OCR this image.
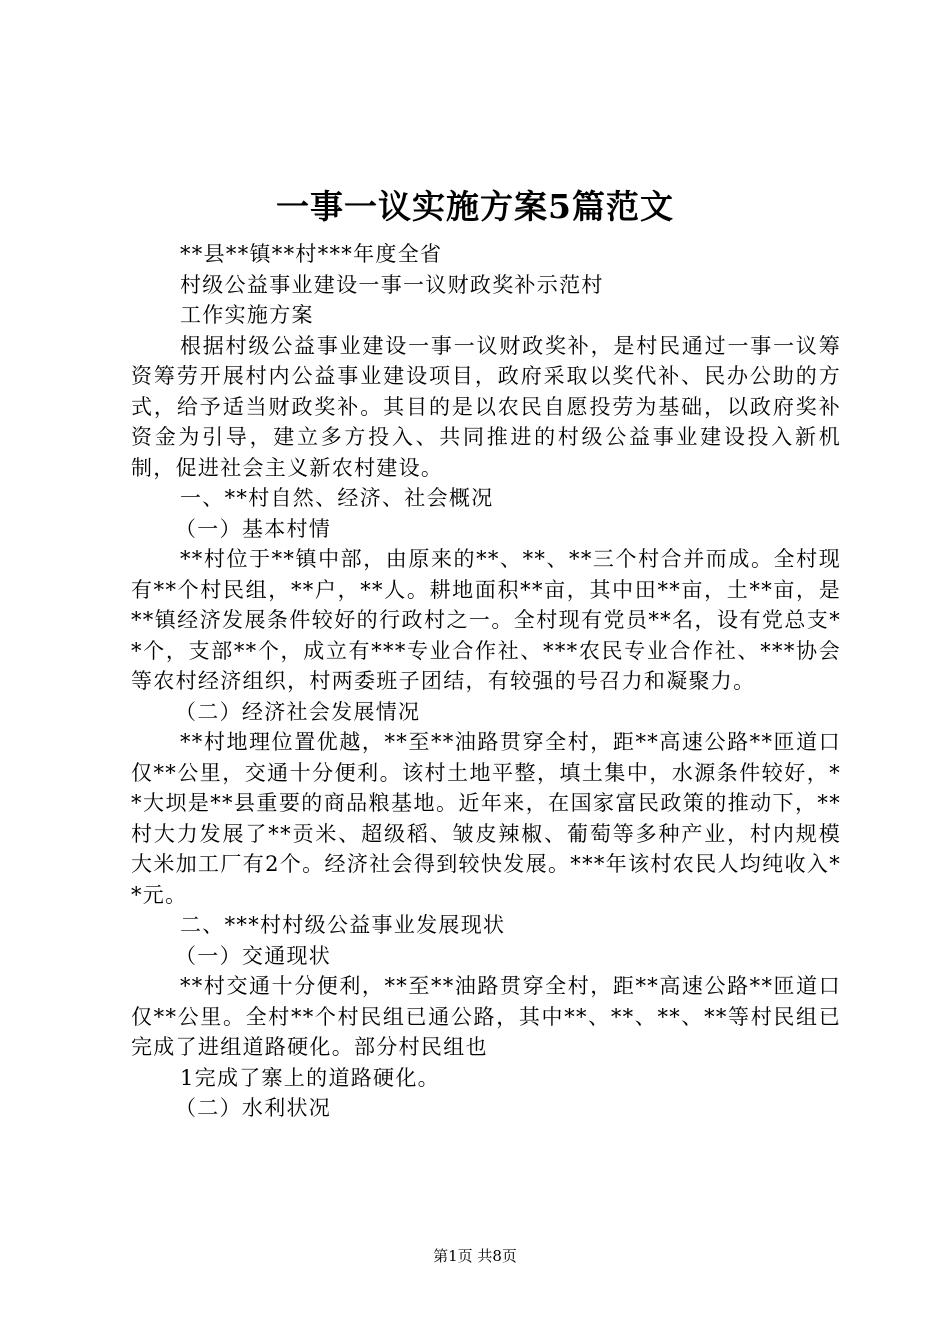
一事一议实施方案5篇范文

**县**镇**村***年度全省

村级公益事业建设一事一议财政奖补示范村

工作实施方案

根据村级公益事业建设一事一议财政奖补，是村民通过一事一议筹资筹劳开展村内公益事业建设项目，政府采取以奖代补、民办公助的方式，给予适当财政奖补。其目的是以农民自愿投劳为基础，以政府奖补资金为引导，建立多方投入、共同推进的村级公益事业建设投入新机制，促进社会主义新农村建设。

一、**村自然、经济、社会概况

（一）基本村情

**村位于**镇中部，由原来的**、**、**三个村合并而成。全村现有**个村民组，**户，**人。耕地面积**亩，其中田**亩，土**亩，是**镇经济发展条件较好的行政村之一。全村现有党员**名，设有党总支**个，支部**个，成立有***专业合作社、***农民专业合作社、***协会等农村经济组织，村两委班子团结，有较强的号召力和凝聚力。

（二）经济社会发展情况

**村地理位置优越，**至**油路贯穿全村，距**高速公路**匝道口仅**公里，交通十分便利。该村土地平整，填土集中，水源条件较好，**大坝是**县重要的商品粮基地。近年来，在国家富民政策的推动下，**村大力发展了**贡米、超级稻、皱皮辣椒、葡萄等多种产业，村内规模大米加工厂有2个。经济社会得到较快发展。***年该村农民人均纯收入**元。

二、***村村级公益事业发展现状

（一）交通现状

**村交通十分便利，**至**油路贯穿全村，距**高速公路**匝道口仅**公里。全村**个村民组已通公路，其中**、**、**、**等村民组已完成了进组道路硬化。部分村民组也

1完成了寨上的道路硬化。

（二）水利状况

第1页 共8页
